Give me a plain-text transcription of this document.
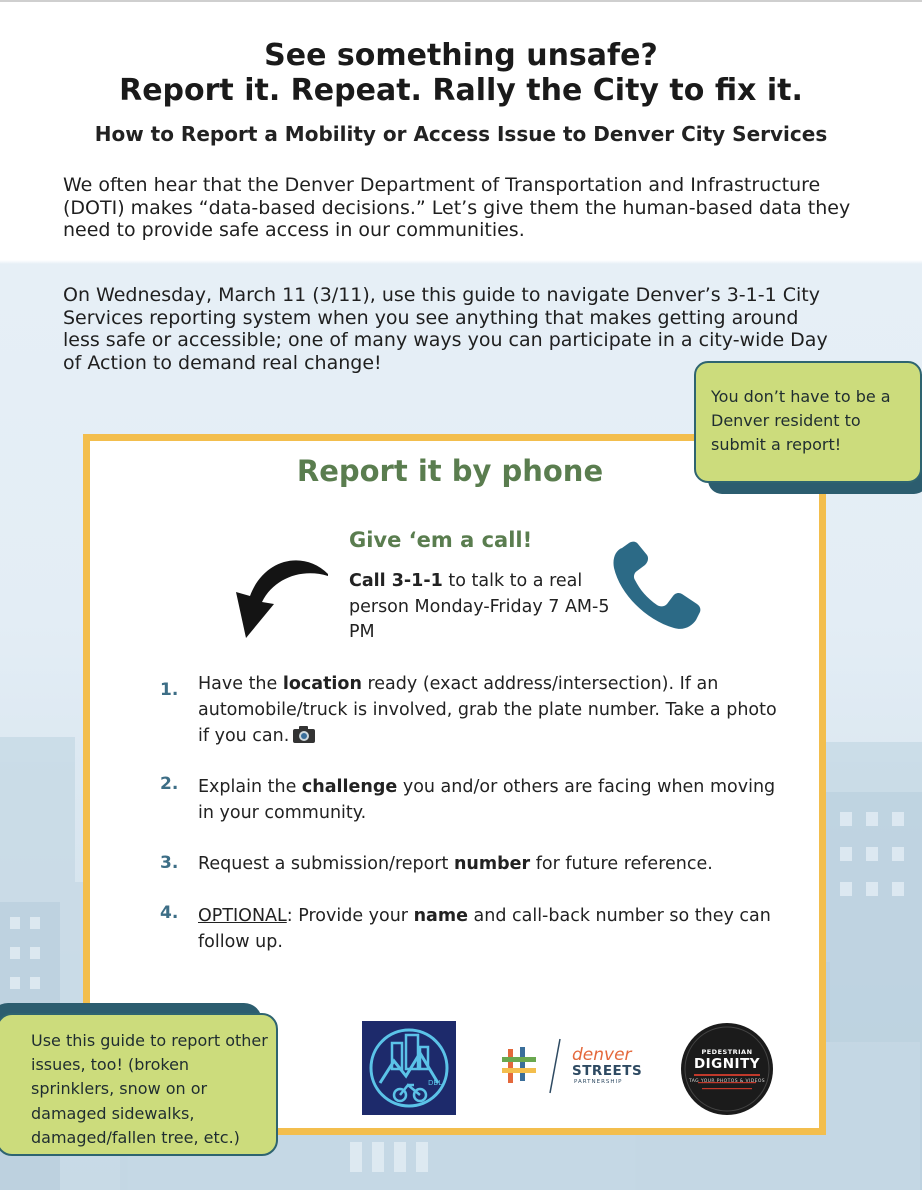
See something unsafe?
Report it. Repeat. Rally the City to fix it.
How to Report a Mobility or Access Issue to Denver City Services
We often hear that the Denver Department of Transportation and Infrastructure (DOTI) makes “data-based decisions.” Let’s give them the human-based data they need to provide safe access in our communities.
On Wednesday, March 11 (3/11), use this guide to navigate Denver’s 3-1-1 City Services reporting system when you see anything that makes getting around less safe or accessible; one of many ways you can participate in a city-wide Day of Action to demand real change!
You don’t have to be a Denver resident to submit a report!
Report it by phone
Give ‘em a call!
Call 3-1-1 to talk to a real person Monday-Friday 7 AM-5 PM
1.	Have the location ready (exact address/intersection). If an automobile/truck is involved, grab the plate number. Take a photo if you can.
2.	Explain the challenge you and/or others are facing when moving in your community.
3.	Request a submission/report number for future reference.
4.	OPTIONAL: Provide your name and call-back number so they can follow up.
Use this guide to report other issues, too! (broken sprinklers, snow on or damaged sidewalks, damaged/fallen tree, etc.)
DBL
denver
STREETS
PARTNERSHIP
PEDESTRIAN
DIGNITY
TAG YOUR PHOTOS & VIDEOS
